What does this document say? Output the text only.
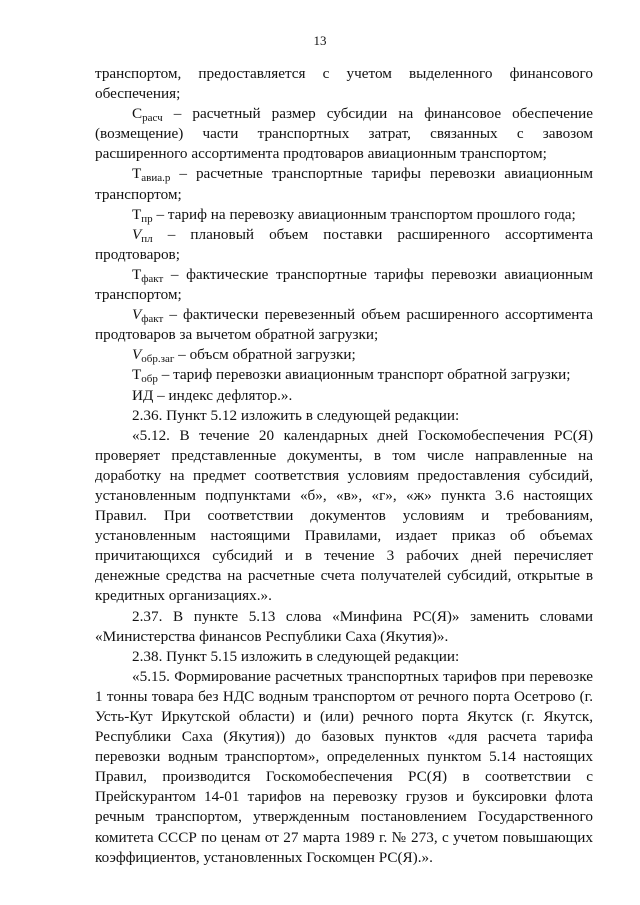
13

транспортом, предоставляется с учетом выделенного финансового обеспечения;

$С_{расч}$ – расчетный размер субсидии на финансовое обеспечение (возмещение) части транспортных затрат, связанных с завозом расширенного ассортимента продтоваров авиационным транспортом;

$Т_{авиа.р}$ – расчетные транспортные тарифы перевозки авиационным транспортом;

$Т_{пр}$ – тариф на перевозку авиационным транспортом прошлого года;

$V_{пл}$ – плановый объем поставки расширенного ассортимента продтоваров;

$Т_{факт}$ – фактические транспортные тарифы перевозки авиационным транспортом;

$V_{факт}$ – фактически перевезенный объем расширенного ассортимента продтоваров за вычетом обратной загрузки;

$V_{обр.заг}$ – объсм обратной загрузки;

$Т_{обр}$ – тариф перевозки авиационным транспорт обратной загрузки;

ИД – индекс дефлятор.».

2.36. Пункт 5.12 изложить в следующей редакции:

«5.12. В течение 20 календарных дней Госкомобеспечения РС(Я) проверяет представленные документы, в том числе направленные на доработку на предмет соответствия условиям предоставления субсидий, установленным подпунктами «б», «в», «г», «ж» пункта 3.6 настоящих Правил. При соответствии документов условиям и требованиям, установленным настоящими Правилами, издает приказ об объемах причитающихся субсидий и в течение 3 рабочих дней перечисляет денежные средства на расчетные счета получателей субсидий, открытые в кредитных организациях.».

2.37. В пункте 5.13 слова «Минфина РС(Я)» заменить словами «Министерства финансов Республики Саха (Якутия)».

2.38. Пункт 5.15 изложить в следующей редакции:

«5.15. Формирование расчетных транспортных тарифов при перевозке 1 тонны товара без НДС водным транспортом от речного порта Осетрово (г. Усть-Кут Иркутской области) и (или) речного порта Якутск (г. Якутск, Республики Саха (Якутия)) до базовых пунктов «для расчета тарифа перевозки водным транспортом», определенных пунктом 5.14 настоящих Правил, производится Госкомобеспечения РС(Я) в соответствии с Прейскурантом 14-01 тарифов на перевозку грузов и буксировки флота речным транспортом, утвержденным постановлением Государственного комитета СССР по ценам от 27 марта 1989 г. № 273, с учетом повышающих коэффициентов, установленных Госкомцен РС(Я).».
